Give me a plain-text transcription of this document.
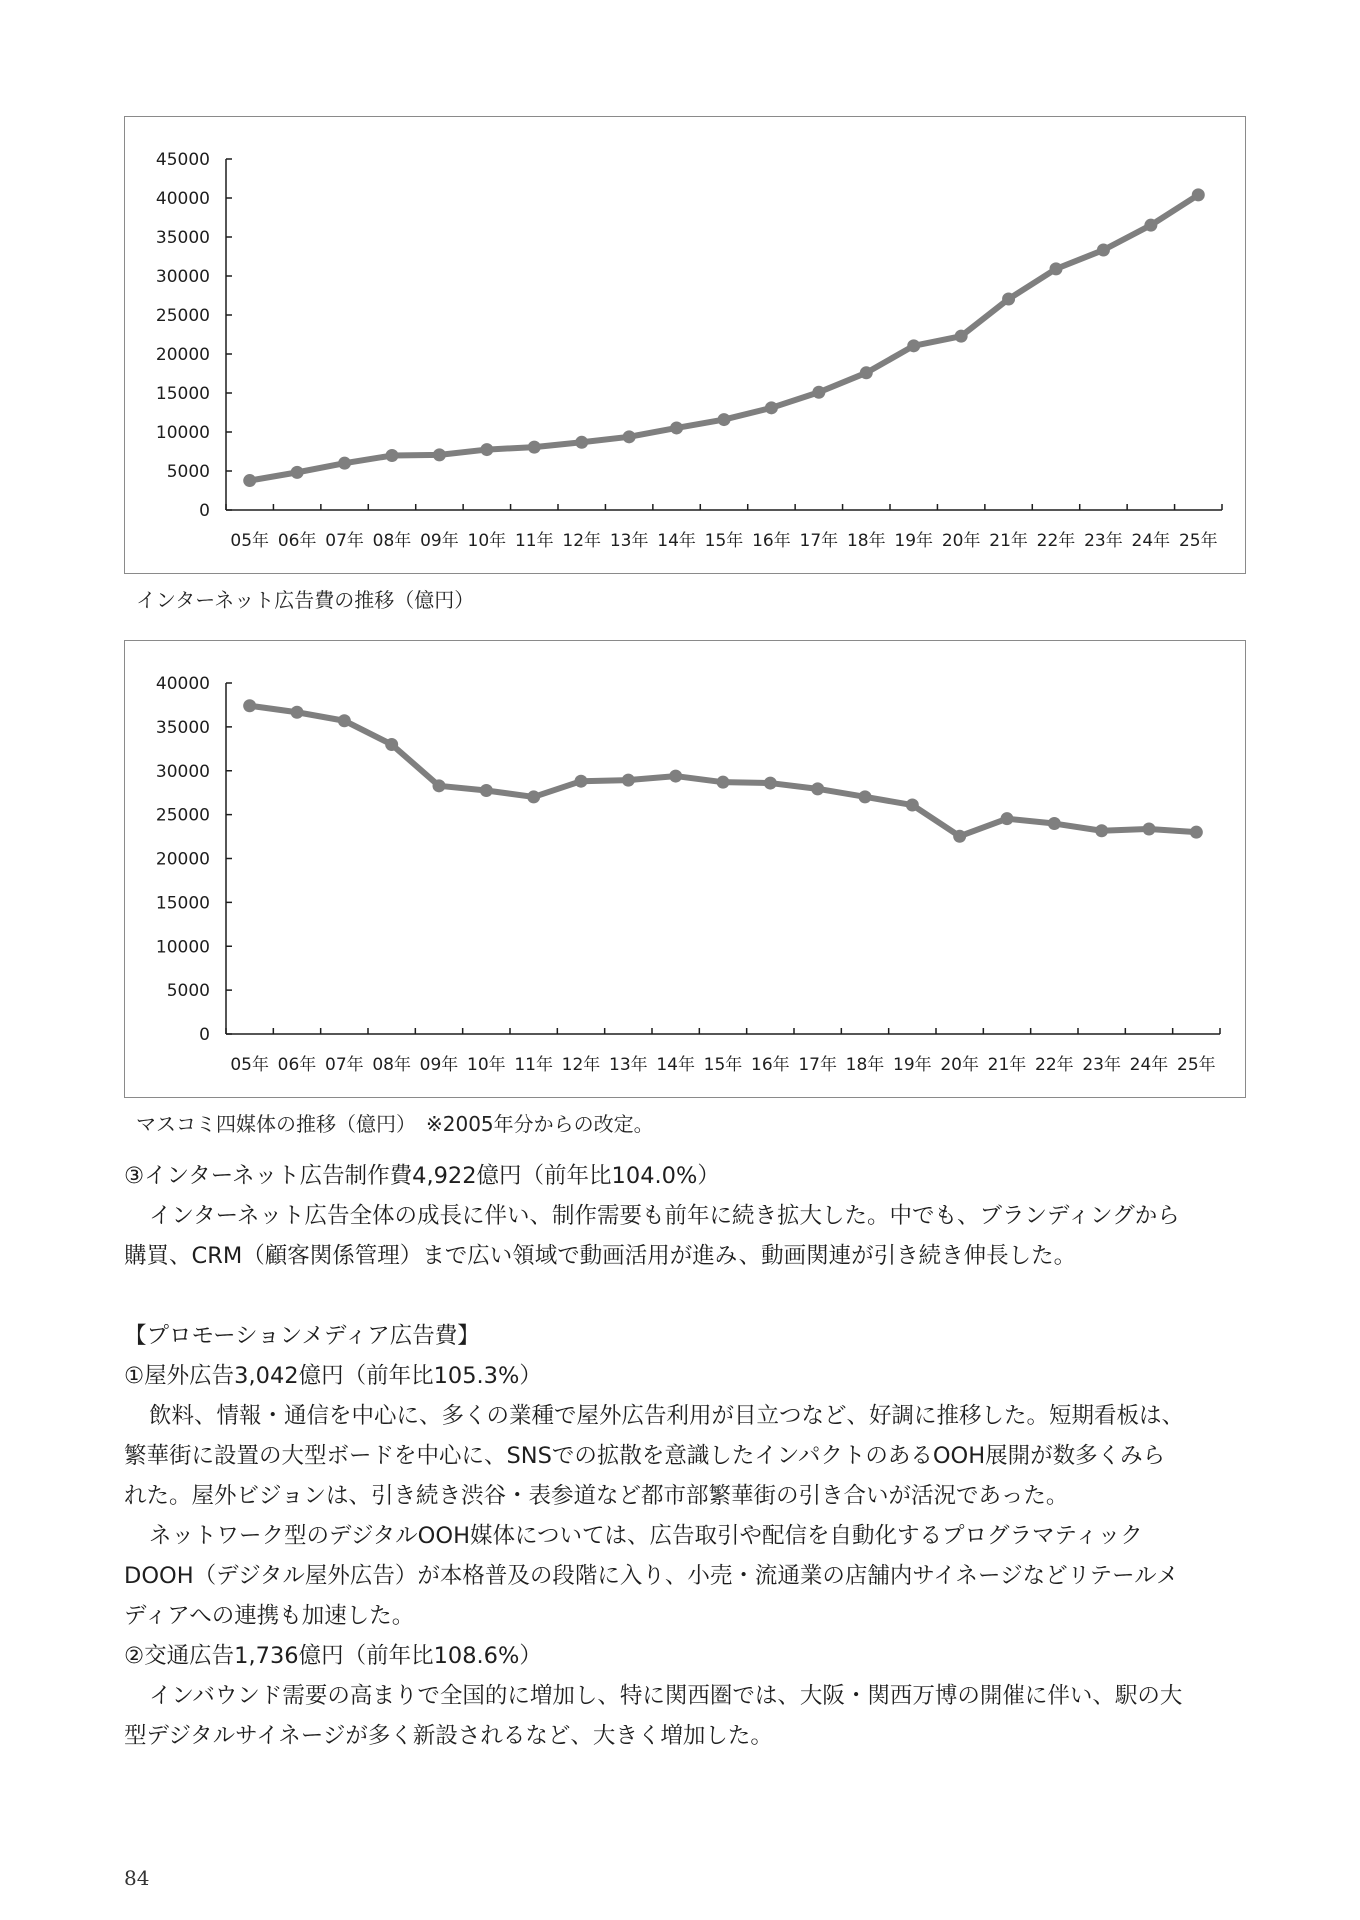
0
5000
10000
15000
20000
25000
30000
35000
40000
45000
05年 06年 07年 08年 09年 10年 11年 12年 13年 14年 15年 16年 17年 18年 19年 20年 21年 22年 23年 24年 25年
インターネット広告費の推移（億円）
0
5000
10000
15000
20000
25000
30000
35000
40000
05年 06年 07年 08年 09年 10年 11年 12年 13年 14年 15年 16年 17年 18年 19年 20年 21年 22年 23年 24年 25年
マスコミ四媒体の推移（億円）　※2005年分からの改定。

③インターネット広告制作費4,922億円（前年比104.0%）

インターネット広告全体の成長に伴い、制作需要も前年に続き拡大した。中でも、ブランディングから

購買、CRM（顧客関係管理）まで広い領域で動画活用が進み、動画関連が引き続き伸長した。

【プロモーションメディア広告費】

①屋外広告3,042億円（前年比105.3%）

飲料、情報・通信を中心に、多くの業種で屋外広告利用が目立つなど、好調に推移した。短期看板は、

繁華街に設置の大型ボードを中心に、SNSでの拡散を意識したインパクトのあるOOH展開が数多くみら

れた。屋外ビジョンは、引き続き渋谷・表参道など都市部繁華街の引き合いが活況であった。

ネットワーク型のデジタルOOH媒体については、広告取引や配信を自動化するプログラマティック

DOOH（デジタル屋外広告）が本格普及の段階に入り、小売・流通業の店舗内サイネージなどリテールメ

ディアへの連携も加速した。

②交通広告1,736億円（前年比108.6%）

インバウンド需要の高まりで全国的に増加し、特に関西圏では、大阪・関西万博の開催に伴い、駅の大

型デジタルサイネージが多く新設されるなど、大きく増加した。

84
